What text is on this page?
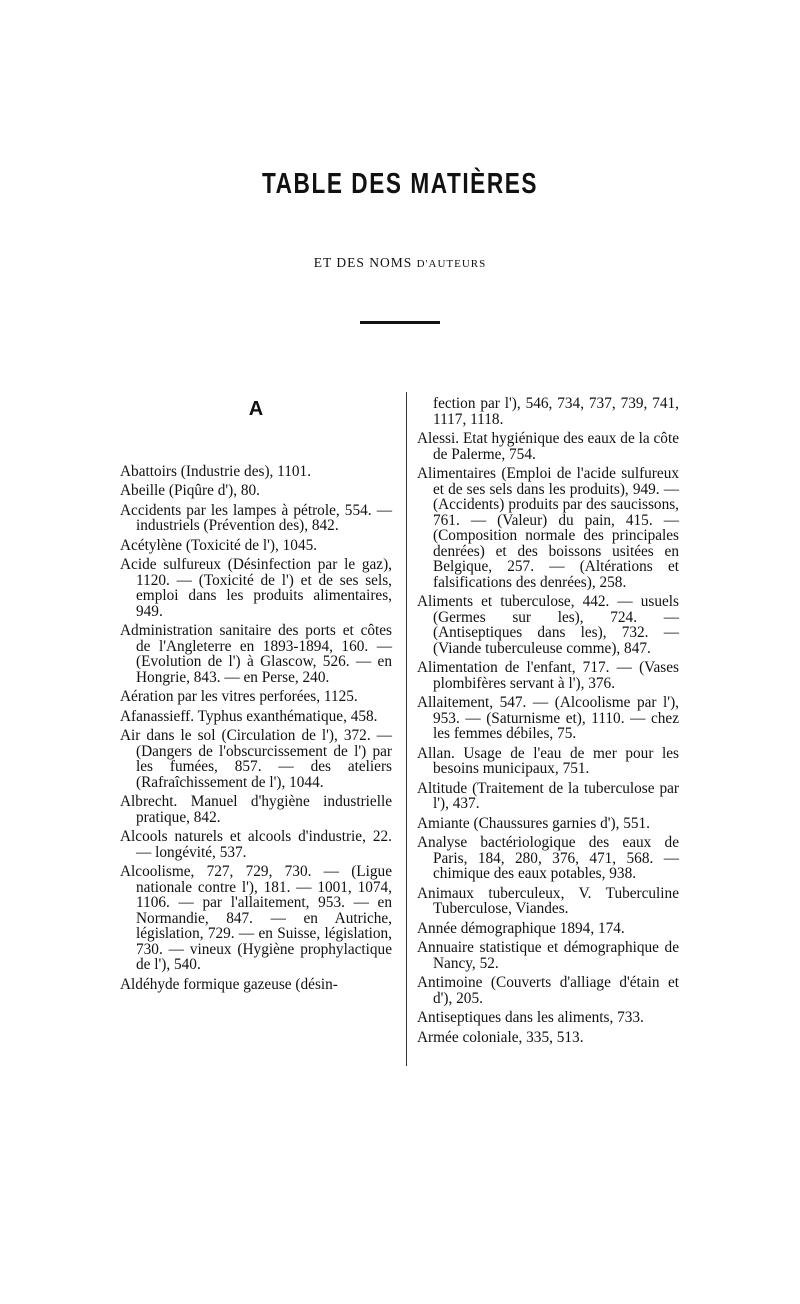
TABLE DES MATIÈRES
ET DES NOMS D'AUTEURS
A

Abattoirs (Industrie des), 1101.

Abeille (Piqûre d'), 80.

Accidents par les lampes à pétrole, 554. — industriels (Prévention des), 842.

Acétylène (Toxicité de l'), 1045.

Acide sulfureux (Désinfection par le gaz), 1120. — (Toxicité de l') et de ses sels, emploi dans les produits alimentaires, 949.

Administration sanitaire des ports et côtes de l'Angleterre en 1893-1894, 160. — (Evolution de l') à Glascow, 526. — en Hongrie, 843. — en Perse, 240.

Aération par les vitres perforées, 1125.

Afanassieff. Typhus exanthématique, 458.

Air dans le sol (Circulation de l'), 372. — (Dangers de l'obscurcissement de l') par les fumées, 857. — des ateliers (Rafraîchissement de l'), 1044.

Albrecht. Manuel d'hygiène industrielle pratique, 842.

Alcools naturels et alcools d'industrie, 22. — longévité, 537.

Alcoolisme, 727, 729, 730. — (Ligue nationale contre l'), 181. — 1001, 1074, 1106. — par l'allaitement, 953. — en Normandie, 847. — en Autriche, législation, 729. — en Suisse, législation, 730. — vineux (Hygiène prophylactique de l'), 540.

Aldéhyde formique gazeuse (désin-

fection par l'), 546, 734, 737, 739, 741, 1117, 1118.

Alessi. Etat hygiénique des eaux de la côte de Palerme, 754.

Alimentaires (Emploi de l'acide sulfureux et de ses sels dans les produits), 949. — (Accidents) produits par des saucissons, 761. — (Valeur) du pain, 415. — (Composition normale des principales denrées) et des boissons usitées en Belgique, 257. — (Altérations et falsifications des denrées), 258.

Aliments et tuberculose, 442. — usuels (Germes sur les), 724. — (Antiseptiques dans les), 732. — (Viande tuberculeuse comme), 847.

Alimentation de l'enfant, 717. — (Vases plombifères servant à l'), 376.

Allaitement, 547. — (Alcoolisme par l'), 953. — (Saturnisme et), 1110. — chez les femmes débiles, 75.

Allan. Usage de l'eau de mer pour les besoins municipaux, 751.

Altitude (Traitement de la tuberculose par l'), 437.

Amiante (Chaussures garnies d'), 551.

Analyse bactériologique des eaux de Paris, 184, 280, 376, 471, 568. — chimique des eaux potables, 938.

Animaux tuberculeux, V. Tuberculine Tuberculose, Viandes.

Année démographique 1894, 174.

Annuaire statistique et démographique de Nancy, 52.

Antimoine (Couverts d'alliage d'étain et d'), 205.

Antiseptiques dans les aliments, 733.

Armée coloniale, 335, 513.
